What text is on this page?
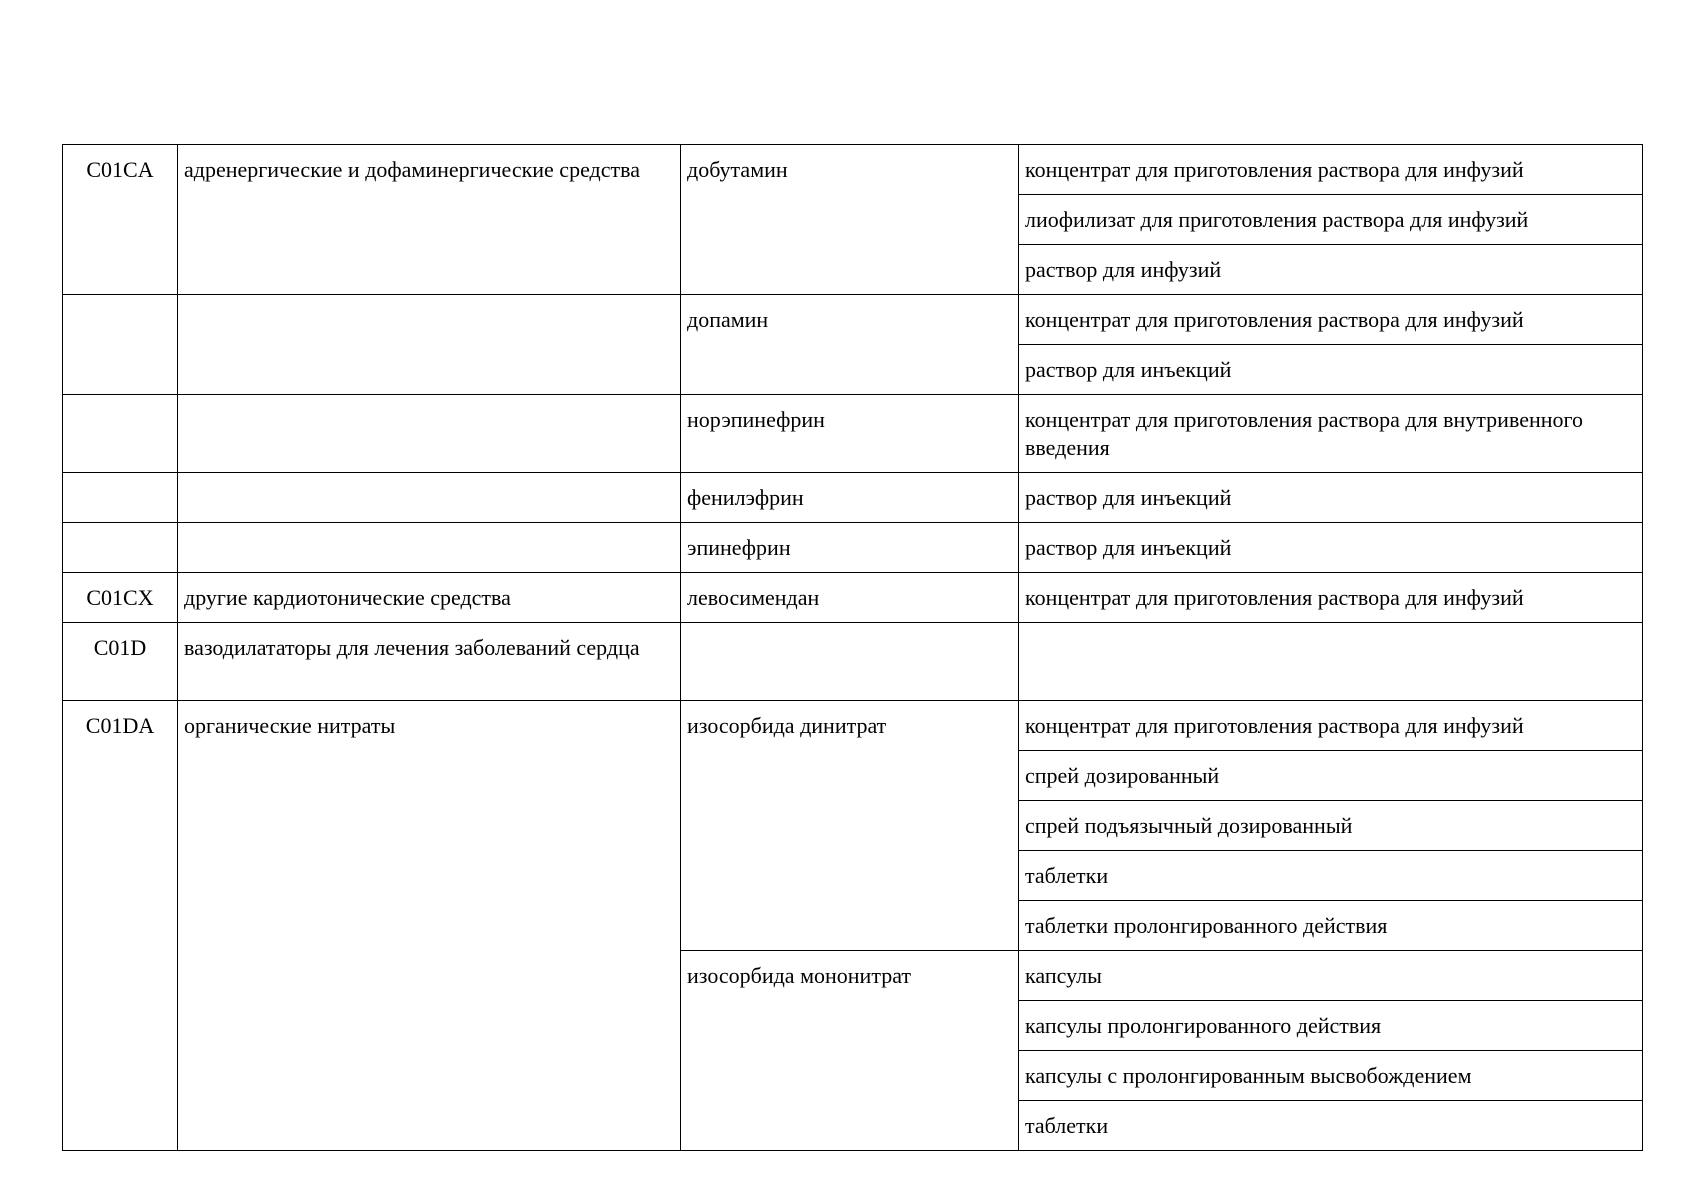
C01CA	адренергические и дофаминергические средства	добутамин	концентрат для приготовления раствора для инфузий
лиофилизат для приготовления раствора для инфузий
раствор для инфузий
допамин	концентрат для приготовления раствора для инфузий
раствор для инъекций
норэпинефрин	концентрат для приготовления раствора для внутривенного введения
фенилэфрин	раствор для инъекций
эпинефрин	раствор для инъекций
C01CX	другие кардиотонические средства	левосимендан	концентрат для приготовления раствора для инфузий
C01D	вазодилататоры для лечения заболеваний сердца
C01DA	органические нитраты	изосорбида динитрат	концентрат для приготовления раствора для инфузий
спрей дозированный
спрей подъязычный дозированный
таблетки
таблетки пролонгированного действия
изосорбида мононитрат	капсулы
капсулы пролонгированного действия
капсулы с пролонгированным высвобождением
таблетки
